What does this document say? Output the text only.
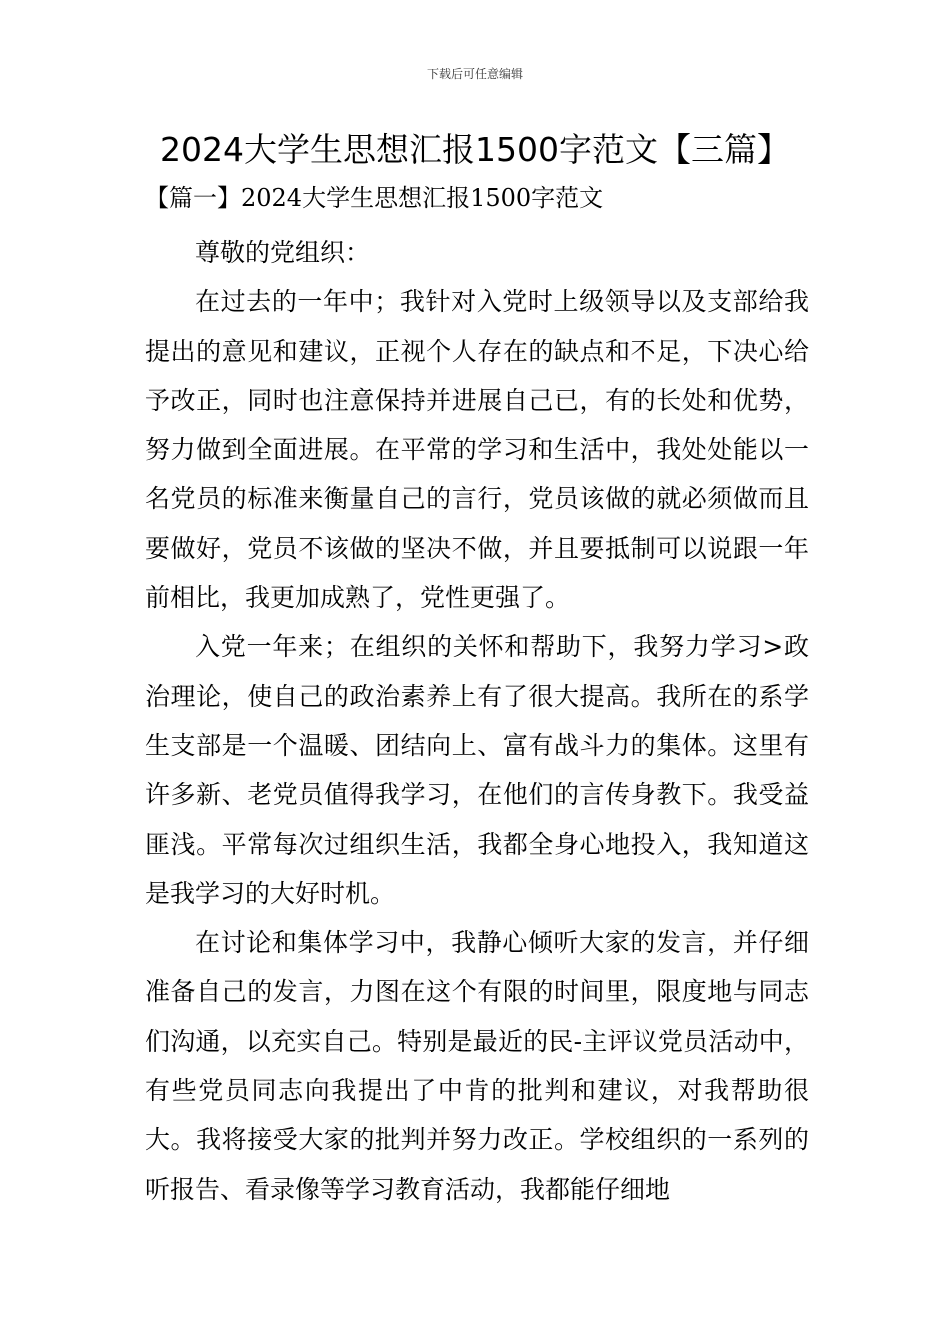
下载后可任意编辑
2024大学生思想汇报1500字范文【三篇】
【篇一】2024大学生思想汇报1500字范文

尊敬的党组织：

在过去的一年中；我针对入党时上级领导以及支部给我提出的意见和建议，正视个人存在的缺点和不足，下决心给予改正，同时也注意保持并进展自己已，有的长处和优势，努力做到全面进展。在平常的学习和生活中，我处处能以一名党员的标准来衡量自己的言行，党员该做的就必须做而且要做好，党员不该做的坚决不做，并且要抵制可以说跟一年前相比，我更加成熟了，党性更强了。

入党一年来；在组织的关怀和帮助下，我努力学习>政治理论，使自己的政治素养上有了很大提高。我所在的系学生支部是一个温暖、团结向上、富有战斗力的集体。这里有许多新、老党员值得我学习，在他们的言传身教下。我受益匪浅。平常每次过组织生活，我都全身心地投入，我知道这是我学习的大好时机。

在讨论和集体学习中，我静心倾听大家的发言，并仔细准备自己的发言，力图在这个有限的时间里，限度地与同志们沟通，以充实自己。特别是最近的民-主评议党员活动中，有些党员同志向我提出了中肯的批判和建议，对我帮助很大。我将接受大家的批判并努力改正。学校组织的一系列的听报告、看录像等学习教育活动，我都能仔细地
